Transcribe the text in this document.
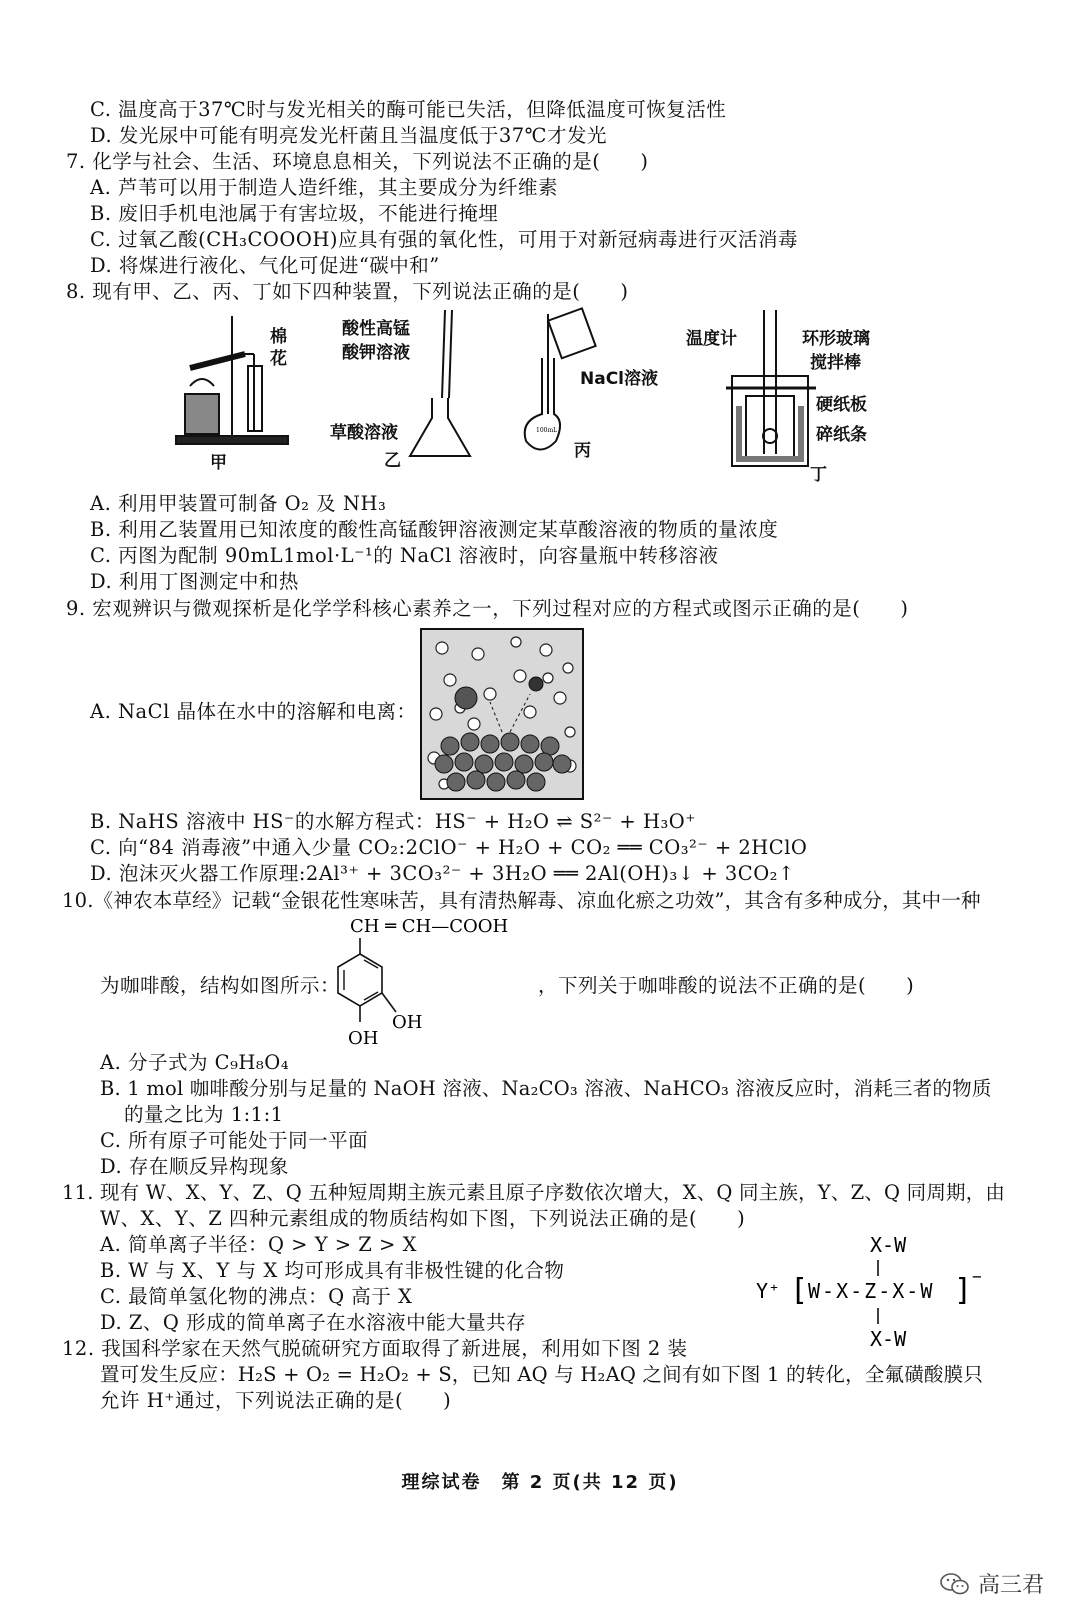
C. 温度高于37℃时与发光相关的酶可能已失活，但降低温度可恢复活性
D. 发光尿中可能有明亮发光杆菌且当温度低于37℃才发光
7. 化学与社会、生活、环境息息相关，下列说法不正确的是(　　)
A. 芦苇可以用于制造人造纤维，其主要成分为纤维素
B. 废旧手机电池属于有害垃圾，不能进行掩埋
C. 过氧乙酸(CH₃COOOH)应具有强的氧化性，可用于对新冠病毒进行灭活消毒
D. 将煤进行液化、气化可促进“碳中和”
8. 现有甲、乙、丙、丁如下四种装置，下列说法正确的是(　　)
棉
花
甲
酸性高锰
酸钾溶液
草酸溶液
乙
NaCl溶液
100mL
丙
温度计	环形玻璃
搅拌棒
硬纸板
碎纸条
丁
A. 利用甲装置可制备 O₂ 及 NH₃
B. 利用乙装置用已知浓度的酸性高锰酸钾溶液测定某草酸溶液的物质的量浓度
C. 丙图为配制 90mL1mol·L⁻¹的 NaCl 溶液时，向容量瓶中转移溶液
D. 利用丁图测定中和热
9. 宏观辨识与微观探析是化学学科核心素养之一，下列过程对应的方程式或图示正确的是(　　)
A. NaCl 晶体在水中的溶解和电离：
B. NaHS 溶液中 HS⁻的水解方程式：HS⁻ + H₂O ⇌ S²⁻ + H₃O⁺
C. 向“84 消毒液”中通入少量 CO₂:2ClO⁻ + H₂O + CO₂ ══ CO₃²⁻ + 2HClO
D. 泡沫灭火器工作原理:2Al³⁺ + 3CO₃²⁻ + 3H₂O ══ 2Al(OH)₃↓ + 3CO₂↑
10.《神农本草经》记载“金银花性寒味苦，具有清热解毒、凉血化瘀之功效”，其含有多种成分，其中一种
为咖啡酸，结构如图所示：	，下列关于咖啡酸的说法不正确的是(　　)
CH ═ CH—COOH
OH
OH
A. 分子式为 C₉H₈O₄
B. 1 mol 咖啡酸分别与足量的 NaOH 溶液、Na₂CO₃ 溶液、NaHCO₃ 溶液反应时，消耗三者的物质
的量之比为 1:1:1
C. 所有原子可能处于同一平面
D. 存在顺反异构现象
11. 现有 W、X、Y、Z、Q 五种短周期主族元素且原子序数依次增大，X、Q 同主族，Y、Z、Q 同周期，由
W、X、Y、Z 四种元素组成的物质结构如下图，下列说法正确的是(　　)
A. 简单离子半径：Q > Y > Z > X
B. W 与 X、Y 与 X 均可形成具有非极性键的化合物
C. 最简单氢化物的沸点：Q 高于 X
D. Z、Q 形成的简单离子在水溶液中能大量共存
X-W
Y⁺ [ W-X-Z-X-W ] −
X-W
12. 我国科学家在天然气脱硫研究方面取得了新进展，利用如下图 2 装
置可发生反应：H₂S + O₂ = H₂O₂ + S，已知 AQ 与 H₂AQ 之间有如下图 1 的转化，全氟磺酸膜只
允许 H⁺通过，下列说法正确的是(　　)
理综试卷　第 2 页(共 12 页)
高三君
